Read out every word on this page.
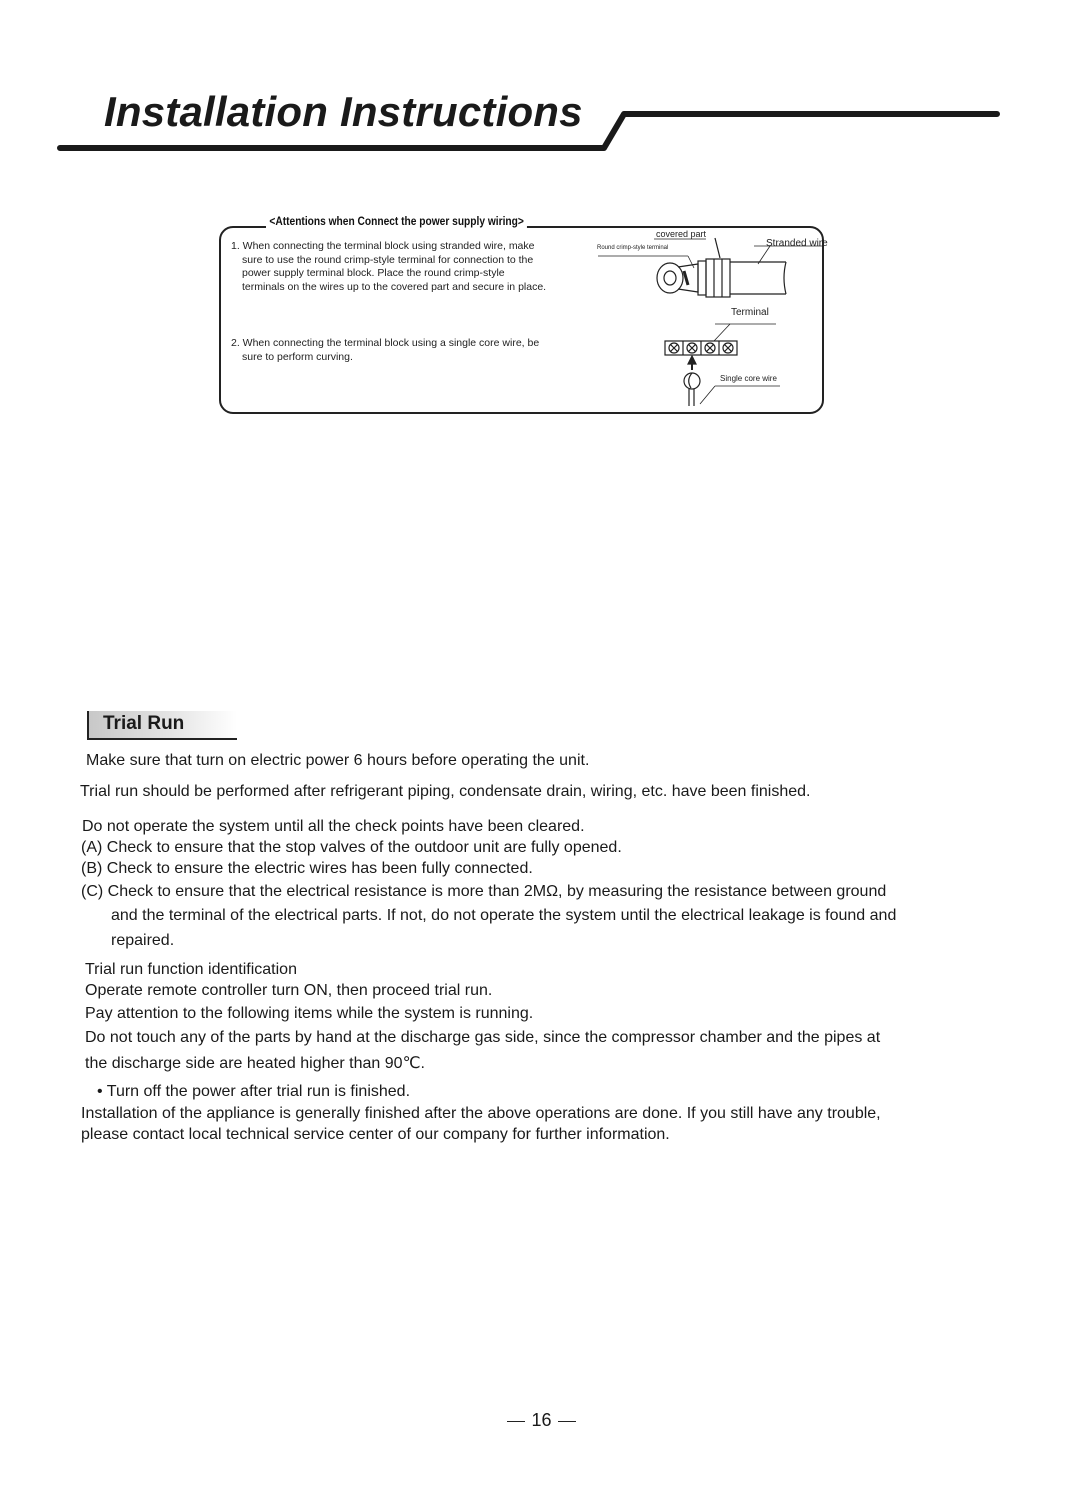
Installation Instructions
<Attentions when Connect the power supply wiring>
1. When connecting the terminal block using stranded wire, make
sure to use the round crimp-style terminal for connection to the
power supply terminal block. Place the round crimp-style
terminals on the wires up to the covered part and secure in place.
2. When connecting the terminal block using a single core wire, be
sure to perform curving.
covered part
Round crimp-style terminal	Stranded wire
Terminal
Single core wire
Trial Run
Make sure that turn on electric power 6 hours before operating the unit.
Trial run should be performed after refrigerant piping, condensate drain, wiring, etc. have been finished.
Do not operate the system until all the check points have been cleared.
(A) Check to ensure that the stop valves of the outdoor unit are fully opened.
(B) Check to ensure the electric wires has been fully connected.
(C) Check to ensure that the electrical resistance is more than 2MΩ, by measuring the resistance between ground
and the terminal of the electrical parts. If not, do not operate the system until the electrical leakage is found and
repaired.
Trial run function identification
Operate remote controller turn ON, then proceed trial run.
Pay attention to the following items while the system is running.
Do not touch any of the parts by hand at the discharge gas side, since the compressor chamber and the pipes at
the discharge side are heated higher than 90℃.
• Turn off the power after trial run is finished.
Installation of the appliance is generally finished after the above operations are done. If you still have any trouble,
please contact local technical service center of our company for further information.
16
